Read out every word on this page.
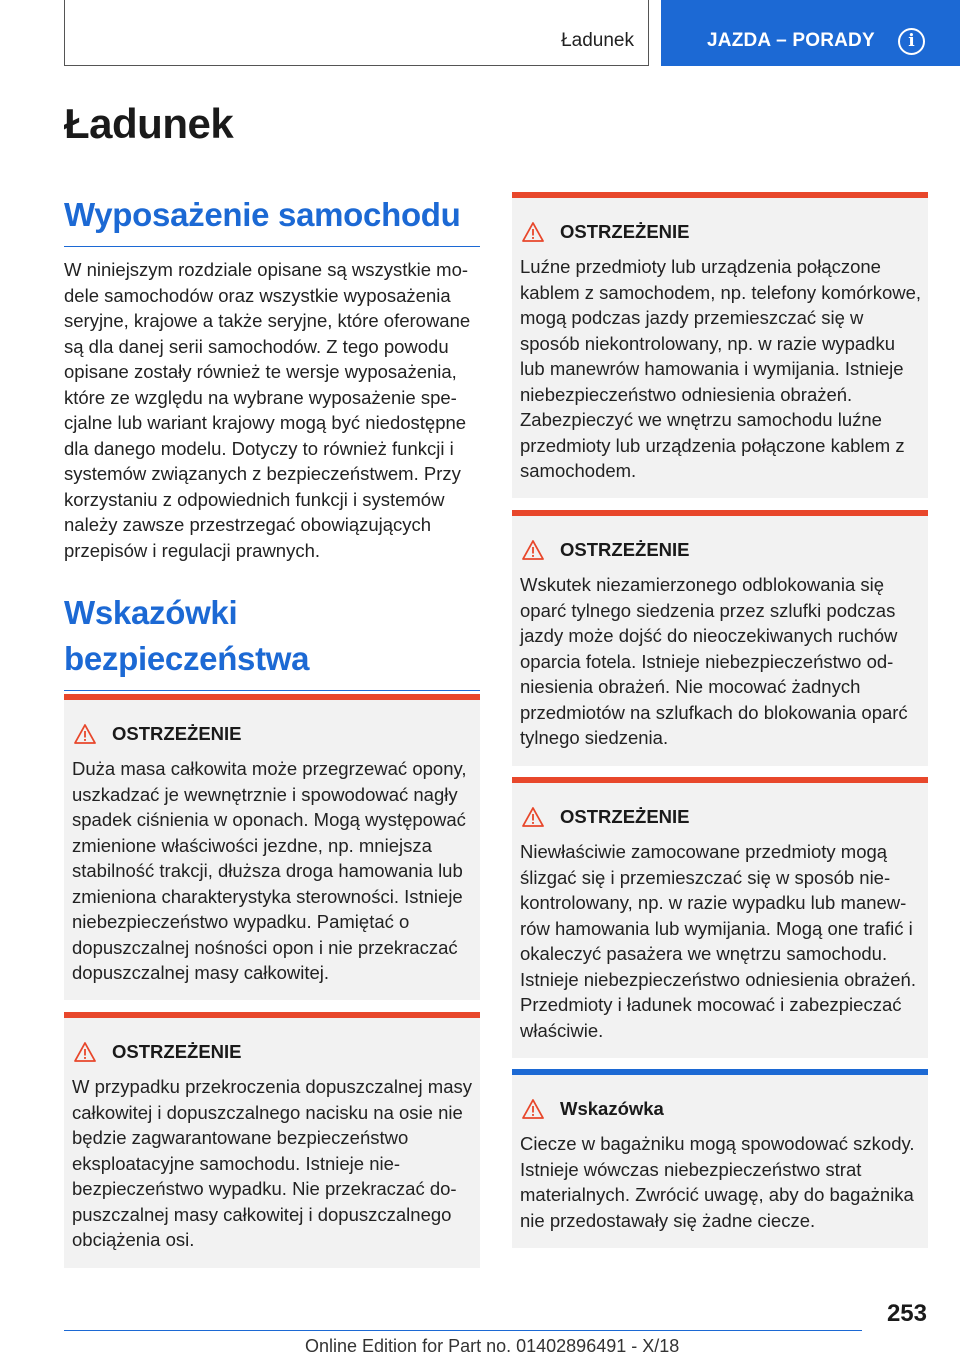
Ładunek	JAZDA – PORADY	i
Ładunek
Wyposażenie samochodu
W niniejszym rozdziale opisane są wszystkie modele samochodów oraz wszystkie wyposażenia seryjne, krajowe a także seryjne, które oferowane są dla danej serii samochodów. Z tego powodu opisane zostały również te wersje wyposażenia, które ze względu na wybrane wyposażenie specjalne lub wariant krajowy mogą być niedostępne dla danego modelu. Dotyczy to również funkcji i systemów związanych z bezpieczeństwem. Przy korzystaniu z odpowiednich funkcji i systemów należy zawsze przestrzegać obowiązujących przepisów i regulacji prawnych.
Wskazówki bezpieczeństwa
OSTRZEŻENIE
Duża masa całkowita może przegrzewać opony, uszkadzać je wewnętrznie i spowodować nagły spadek ciśnienia w oponach. Mogą występować zmienione właściwości jezdne, np. mniejsza stabilność trakcji, dłuższa droga hamowania lub zmieniona charakterystyka sterowności. Istnieje niebezpieczeństwo wypadku. Pamiętać o dopuszczalnej nośności opon i nie przekraczać dopuszczalnej masy całkowitej.
OSTRZEŻENIE
W przypadku przekroczenia dopuszczalnej masy całkowitej i dopuszczalnego nacisku na osie nie będzie zagwarantowane bezpieczeństwo eksploatacyjne samochodu. Istnieje niebezpieczeństwo wypadku. Nie przekraczać dopuszczalnej masy całkowitej i dopuszczalnego obciążenia osi.
OSTRZEŻENIE
Luźne przedmioty lub urządzenia połączone kablem z samochodem, np. telefony komórkowe, mogą podczas jazdy przemieszczać się w sposób niekontrolowany, np. w razie wypadku lub manewrów hamowania i wymijania. Istnieje niebezpieczeństwo odniesienia obrażeń. Zabezpieczyć we wnętrzu samochodu luźne przedmioty lub urządzenia połączone kablem z samochodem.
OSTRZEŻENIE
Wskutek niezamierzonego odblokowania się oparć tylnego siedzenia przez szlufki podczas jazdy może dojść do nieoczekiwanych ruchów oparcia fotela. Istnieje niebezpieczeństwo odniesienia obrażeń. Nie mocować żadnych przedmiotów na szlufkach do blokowania oparć tylnego siedzenia.
OSTRZEŻENIE
Niewłaściwie zamocowane przedmioty mogą ślizgać się i przemieszczać się w sposób niekontrolowany, np. w razie wypadku lub manewrów hamowania lub wymijania. Mogą one trafić i okaleczyć pasażera we wnętrzu samochodu. Istnieje niebezpieczeństwo odniesienia obrażeń. Przedmioty i ładunek mocować i zabezpieczać właściwie.
Wskazówka
Ciecze w bagażniku mogą spowodować szkody. Istnieje wówczas niebezpieczeństwo strat materialnych. Zwrócić uwagę, aby do bagażnika nie przedostawały się żadne ciecze.
253
Online Edition for Part no. 01402896491 - X/18
